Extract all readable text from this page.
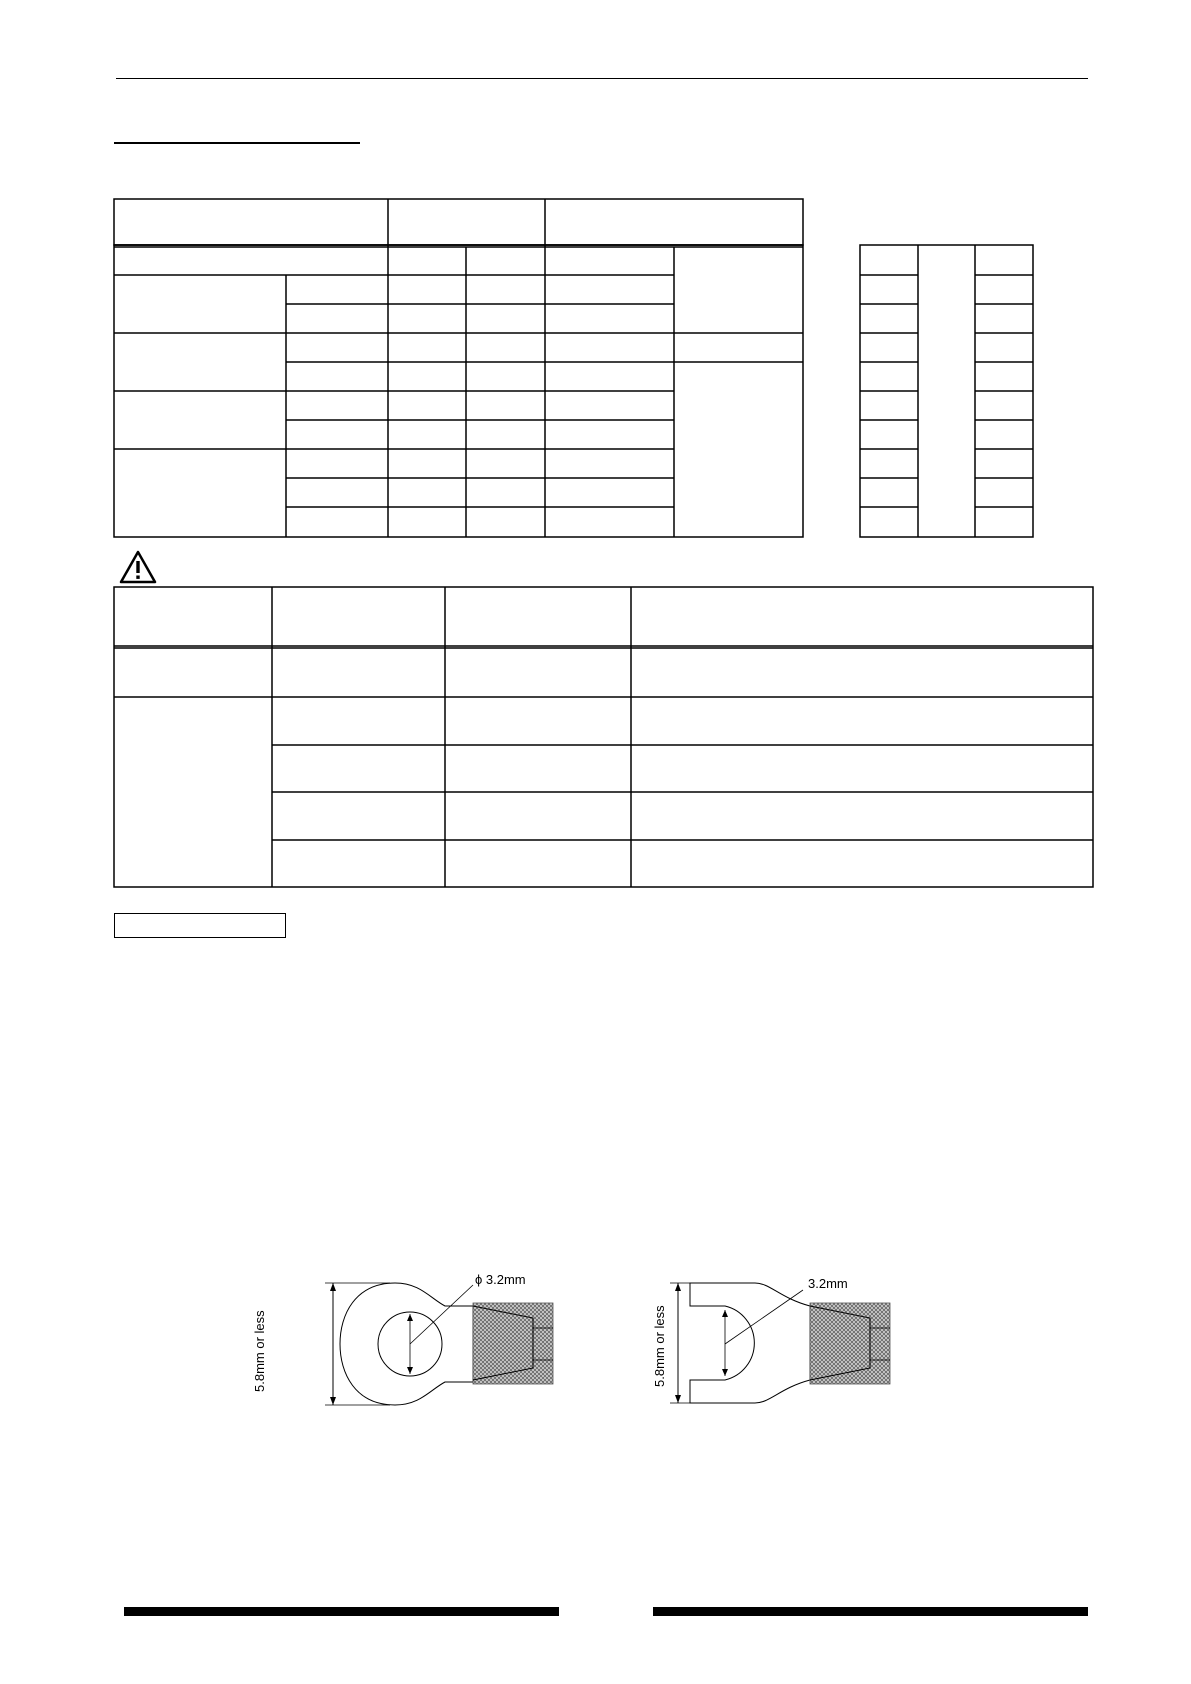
ϕ 3.2mm
5.8mm or less
3.2mm
5.8mm or less
